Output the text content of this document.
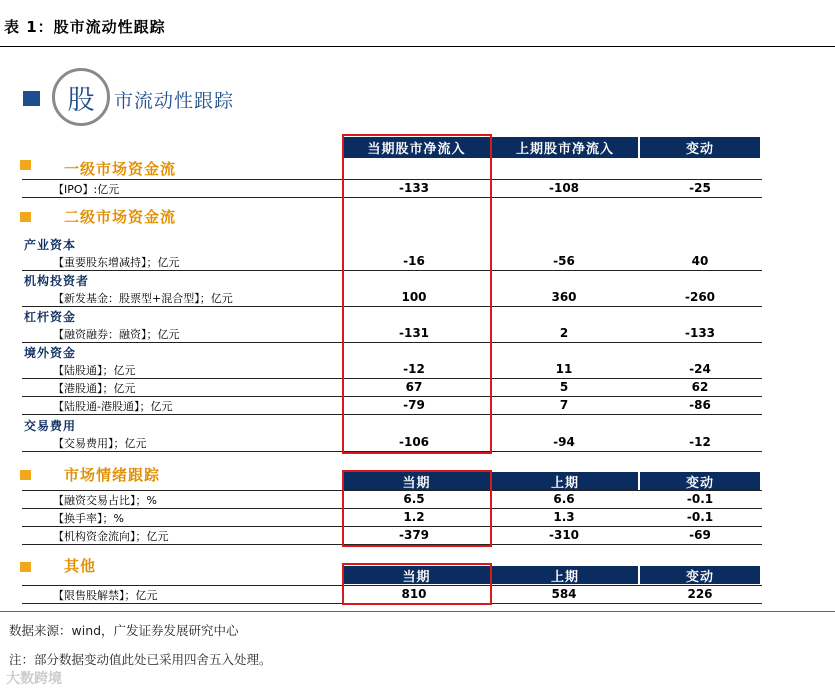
表 1：股市流动性跟踪
股	市流动性跟踪
当期股市净流入	上期股市净流入	变动
一级市场资金流
【IPO】:亿元	-133	-108	-25
二级市场资金流
产业资本
【重要股东增减持】；亿元	-16	-56	40
机构投资者
【新发基金：股票型+混合型】；亿元	100	360	-260
杠杆资金
【融资融券：融资】；亿元	-131	2	-133
境外资金
【陆股通】；亿元	-12	11	-24
【港股通】；亿元	67	5	62
【陆股通-港股通】；亿元	-79	7	-86
交易费用
【交易费用】；亿元	-106	-94	-12
市场情绪跟踪	当期	上期	变动
【融资交易占比】；%	6.5	6.6	-0.1
【换手率】；%	1.2	1.3	-0.1
【机构资金流向】；亿元	-379	-310	-69
其他
当期	上期	变动
【限售股解禁】；亿元	810	584	226
数据来源：wind，广发证券发展研究中心
注：部分数据变动值此处已采用四舍五入处理。
大数跨境
